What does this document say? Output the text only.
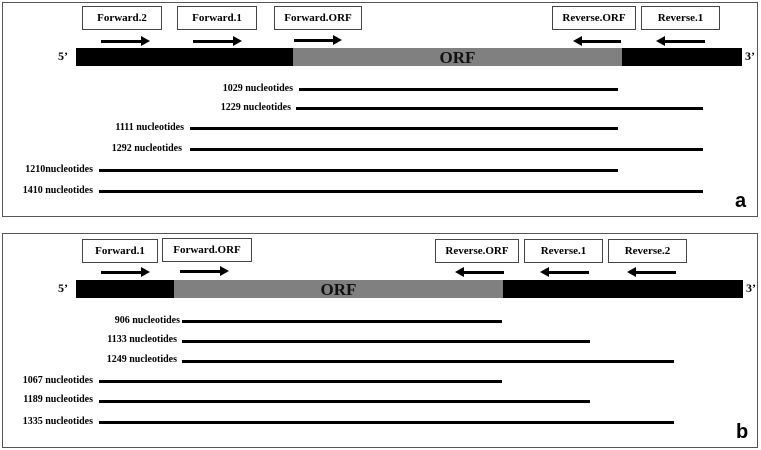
Forward.2	Forward.1	Forward.ORF	Reverse.ORF	Reverse.1
5’	ORF	3’
1029 nucleotides
1229 nucleotides
1111 nucleotides
1292 nucleotides
1210nucleotides
1410 nucleotides	a
Forward.1	Forward.ORF	Reverse.ORF	Reverse.1	Reverse.2
5’	ORF	3’
906 nucleotides
1133 nucleotides
1249 nucleotides
1067 nucleotides
1189 nucleotides
1335 nucleotides	b
